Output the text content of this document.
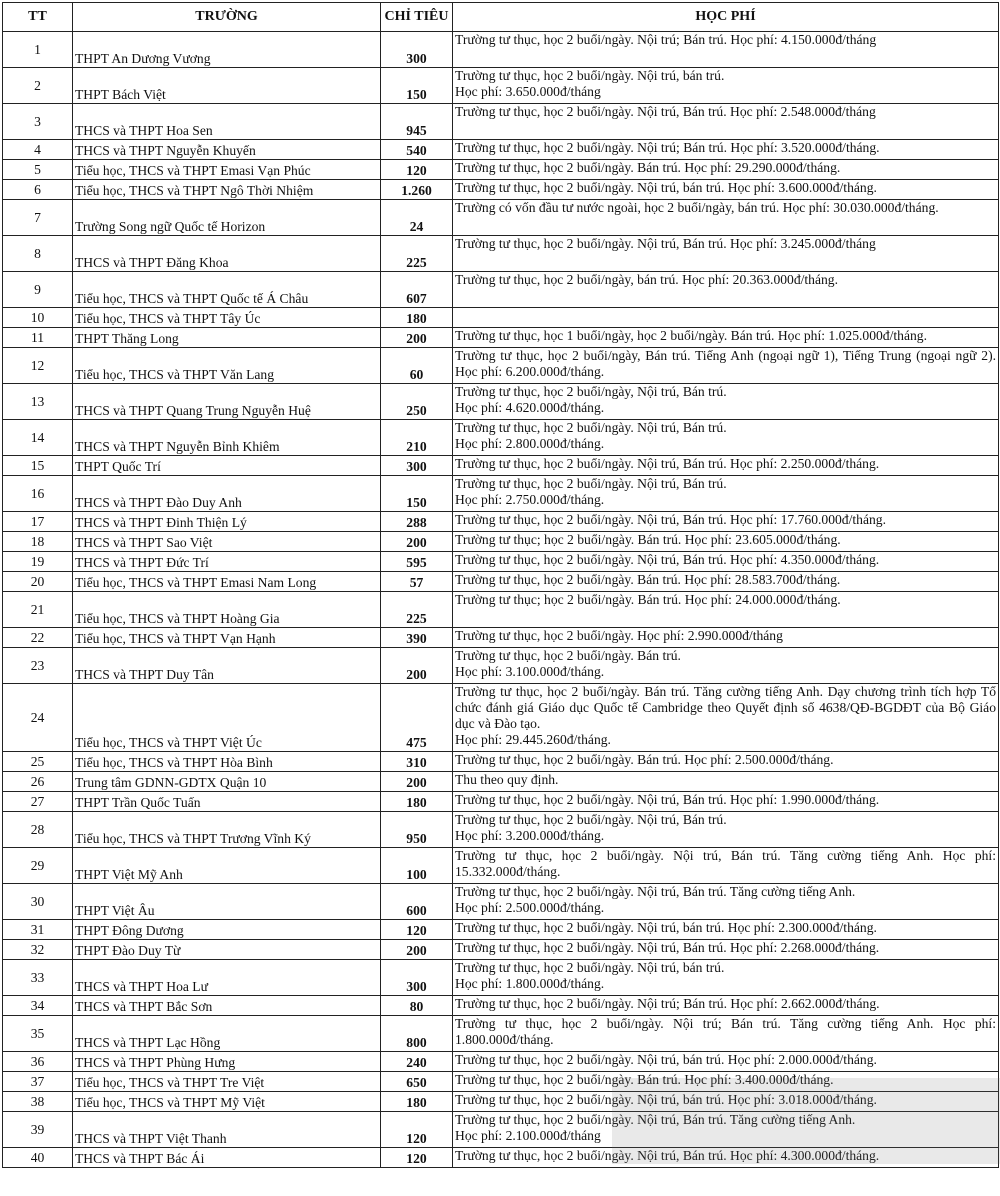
TT	TRƯỜNG	CHỈ TIÊU	HỌC PHÍ
1	THPT An Dương Vương	300	Trường tư thục, học 2 buổi/ngày. Nội trú; Bán trú. Học phí: 4.150.000đ/tháng
2	THPT Bách Việt	150	Trường tư thục, học 2 buổi/ngày. Nội trú, bán trú.
Học phí: 3.650.000đ/tháng
3	THCS và THPT Hoa Sen	945	Trường tư thục, học 2 buổi/ngày. Nội trú, Bán trú. Học phí: 2.548.000đ/tháng
4	THCS và THPT Nguyễn Khuyến	540	Trường tư thục, học 2 buổi/ngày. Nội trú; Bán trú. Học phí: 3.520.000đ/tháng.
5	Tiểu học, THCS và THPT Emasi Vạn Phúc	120	Trường tư thục, học 2 buổi/ngày. Bán trú. Học phí: 29.290.000đ/tháng.
6	Tiểu học, THCS và THPT Ngô Thời Nhiệm	1.260	Trường tư thục, học 2 buổi/ngày. Nội trú, bán trú. Học phí: 3.600.000đ/tháng.
7	Trường Song ngữ Quốc tế Horizon	24	Trường có vốn đầu tư nước ngoài, học 2 buổi/ngày, bán trú. Học phí: 30.030.000đ/tháng.
8	THCS và THPT Đăng Khoa	225	Trường tư thục, học 2 buổi/ngày. Nội trú, Bán trú. Học phí: 3.245.000đ/tháng
9	Tiểu học, THCS và THPT Quốc tế Á Châu	607	Trường tư thục, học 2 buổi/ngày, bán trú. Học phí: 20.363.000đ/tháng.
10	Tiểu học, THCS và THPT Tây Úc	180	
11	THPT Thăng Long	200	Trường tư thục, học 1 buổi/ngày, học 2 buổi/ngày. Bán trú. Học phí: 1.025.000đ/tháng.
12	Tiểu học, THCS và THPT Văn Lang	60	Trường tư thục, học 2 buổi/ngày, Bán trú. Tiếng Anh (ngoại ngữ 1), Tiếng Trung (ngoại ngữ 2). Học phí: 6.200.000đ/tháng.
13	THCS và THPT Quang Trung Nguyễn Huệ	250	Trường tư thục, học 2 buổi/ngày, Nội trú, Bán trú.
Học phí: 4.620.000đ/tháng.
14	THCS và THPT Nguyễn Bỉnh Khiêm	210	Trường tư thục, học 2 buổi/ngày. Nội trú, Bán trú.
Học phí: 2.800.000đ/tháng.
15	THPT Quốc Trí	300	Trường tư thục, học 2 buổi/ngày. Nội trú, Bán trú. Học phí: 2.250.000đ/tháng.
16	THCS và THPT Đào Duy Anh	150	Trường tư thục, học 2 buổi/ngày. Nội trú, Bán trú.
Học phí: 2.750.000đ/tháng.
17	THCS và THPT Đinh Thiện Lý	288	Trường tư thục, học 2 buổi/ngày. Nội trú, Bán trú. Học phí: 17.760.000đ/tháng.
18	THCS và THPT Sao Việt	200	Trường tư thục; học 2 buổi/ngày. Bán trú. Học phí: 23.605.000đ/tháng.
19	THCS và THPT Đức Trí	595	Trường tư thục, học 2 buổi/ngày. Nội trú, Bán trú. Học phí: 4.350.000đ/tháng.
20	Tiểu học, THCS và THPT Emasi Nam Long	57	Trường tư thục, học 2 buổi/ngày. Bán trú. Học phí: 28.583.700đ/tháng.
21	Tiểu học, THCS và THPT Hoàng Gia	225	Trường tư thục; học 2 buổi/ngày. Bán trú. Học phí: 24.000.000đ/tháng.
22	Tiểu học, THCS và THPT Vạn Hạnh	390	Trường tư thục, học 2 buổi/ngày. Học phí: 2.990.000đ/tháng
23	THCS và THPT Duy Tân	200	Trường tư thục, học 2 buổi/ngày. Bán trú.
Học phí: 3.100.000đ/tháng.
24	Tiểu học, THCS và THPT Việt Úc	475	Trường tư thục, học 2 buổi/ngày. Bán trú. Tăng cường tiếng Anh. Dạy chương trình tích hợp Tổ chức đánh giá Giáo dục Quốc tế Cambridge theo Quyết định số 4638/QĐ-BGDĐT của Bộ Giáo dục và Đào tạo.
Học phí: 29.445.260đ/tháng.
25	Tiểu học, THCS và THPT Hòa Bình	310	Trường tư thục, học 2 buổi/ngày. Bán trú. Học phí: 2.500.000đ/tháng.
26	Trung tâm GDNN-GDTX Quận 10	200	Thu theo quy định.
27	THPT Trần Quốc Tuấn	180	Trường tư thục, học 2 buổi/ngày. Nội trú, Bán trú. Học phí: 1.990.000đ/tháng.
28	Tiểu học, THCS và THPT Trương Vĩnh Ký	950	Trường tư thục, học 2 buổi/ngày. Nội trú, Bán trú.
Học phí: 3.200.000đ/tháng.
29	THPT Việt Mỹ Anh	100	Trường tư thục, học 2 buổi/ngày. Nội trú, Bán trú. Tăng cường tiếng Anh. Học phí: 15.332.000đ/tháng.
30	THPT Việt Âu	600	Trường tư thục, học 2 buổi/ngày. Nội trú, Bán trú. Tăng cường tiếng Anh.
Học phí: 2.500.000đ/tháng.
31	THPT Đông Dương	120	Trường tư thục, học 2 buổi/ngày. Nội trú, bán trú. Học phí: 2.300.000đ/tháng.
32	THPT Đào Duy Từ	200	Trường tư thục, học 2 buổi/ngày. Nội trú, Bán trú. Học phí: 2.268.000đ/tháng.
33	THCS và THPT Hoa Lư	300	Trường tư thục, học 2 buổi/ngày. Nội trú, bán trú.
Học phí: 1.800.000đ/tháng.
34	THCS và THPT Bắc Sơn	80	Trường tư thục, học 2 buổi/ngày. Nội trú; Bán trú. Học phí: 2.662.000đ/tháng.
35	THCS và THPT Lạc Hồng	800	Trường tư thục, học 2 buổi/ngày. Nội trú; Bán trú. Tăng cường tiếng Anh. Học phí: 1.800.000đ/tháng.
36	THCS và THPT Phùng Hưng	240	Trường tư thục, học 2 buổi/ngày. Nội trú, bán trú. Học phí: 2.000.000đ/tháng.
37	Tiểu học, THCS và THPT Tre Việt	650	Trường tư thục, học 2 buổi/ngày. Bán trú. Học phí: 3.400.000đ/tháng.
38	Tiểu học, THCS và THPT Mỹ Việt	180	Trường tư thục, học 2 buổi/ngày. Nội trú, bán trú. Học phí: 3.018.000đ/tháng.
39	THCS và THPT Việt Thanh	120	Trường tư thục, học 2 buổi/ngày. Nội trú, Bán trú. Tăng cường tiếng Anh.
Học phí: 2.100.000đ/tháng
40	THCS và THPT Bác Ái	120	Trường tư thục, học 2 buổi/ngày. Nội trú, Bán trú. Học phí: 4.300.000đ/tháng.
